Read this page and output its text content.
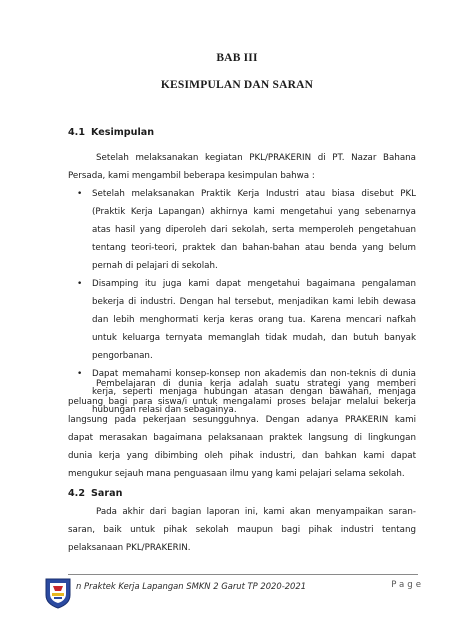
BAB III
KESIMPULAN DAN SARAN
4.1 Kesimpulan

Setelah melaksanakan kegiatan PKL/PRAKERIN di PT. Nazar Bahana Persada, kami mengambil beberapa kesimpulan bahwa :

• Setelah melaksanakan Praktik Kerja Industri atau biasa disebut PKL (Praktik Kerja Lapangan) akhirnya kami mengetahui yang sebenarnya atas hasil yang diperoleh dari sekolah, serta memperoleh pengetahuan tentang teori-teori, praktek dan bahan-bahan atau benda yang belum pernah di pelajari di sekolah.
• Disamping itu juga kami dapat mengetahui bagaimana pengalaman bekerja di industri. Dengan hal tersebut, menjadikan kami lebih dewasa dan lebih menghormati kerja keras orang tua. Karena mencari nafkah untuk keluarga ternyata memanglah tidak mudah, dan butuh banyak pengorbanan.
• Dapat memahami konsep-konsep non akademis dan non-teknis di dunia kerja, seperti menjaga hubungan atasan dengan bawahan, menjaga hubungan relasi dan sebagainya.

Pembelajaran di dunia kerja adalah suatu strategi yang memberi peluang bagi para siswa/i untuk mengalami proses belajar melalui bekerja langsung pada pekerjaan sesungguhnya. Dengan adanya PRAKERIN kami dapat merasakan bagaimana pelaksanaan praktek langsung di lingkungan dunia kerja yang dibimbing oleh pihak industri, dan bahkan kami dapat mengukur sejauh mana penguasaan ilmu yang kami pelajari selama sekolah.

4.2 Saran

Pada akhir dari bagian laporan ini, kami akan menyampaikan saran-saran, baik untuk pihak sekolah maupun bagi pihak industri tentang pelaksanaan PKL/PRAKERIN.

n Praktek Kerja Lapangan SMKN 2 Garut TP 2020-2021	Page
